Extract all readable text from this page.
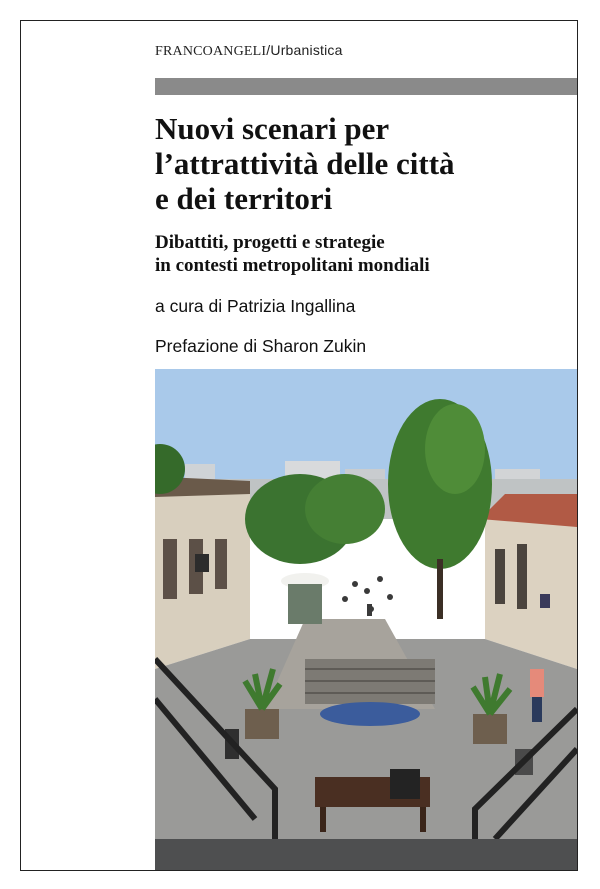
FRANCOANGELI/Urbanistica
Nuovi scenari per
l’attrattività delle città
e dei territori
Dibattiti, progetti e strategie
in contesti metropolitani mondiali
a cura di Patrizia Ingallina
Prefazione di Sharon Zukin
